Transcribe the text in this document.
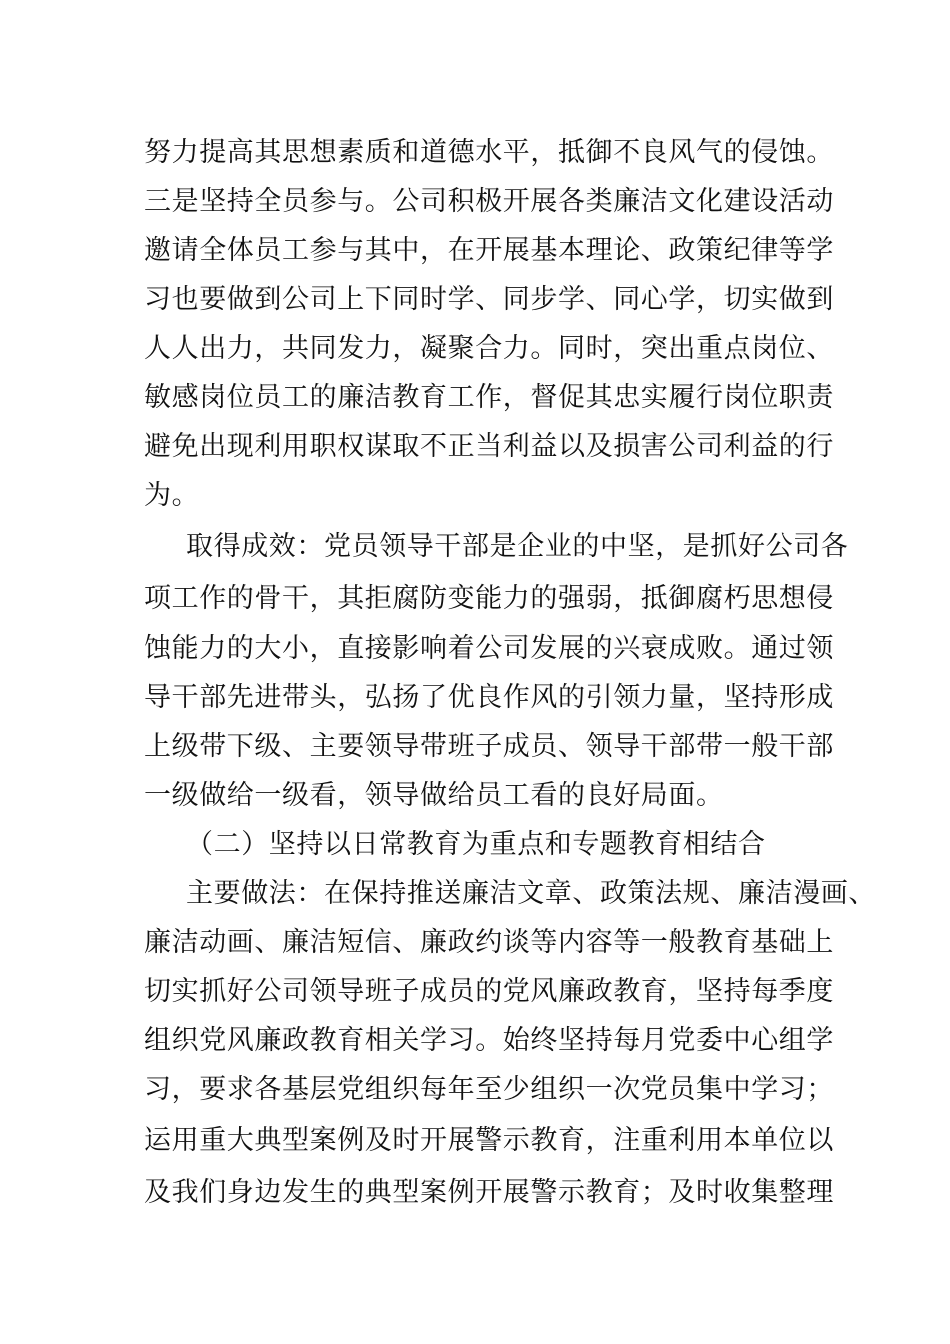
努力提高其思想素质和道德水平，抵御不良风气的侵蚀。
三是坚持全员参与。公司积极开展各类廉洁文化建设活动
邀请全体员工参与其中，在开展基本理论、政策纪律等学
习也要做到公司上下同时学、同步学、同心学，切实做到
人人出力，共同发力，凝聚合力。同时，突出重点岗位、
敏感岗位员工的廉洁教育工作，督促其忠实履行岗位职责
避免出现利用职权谋取不正当利益以及损害公司利益的行
为。
取得成效：党员领导干部是企业的中坚，是抓好公司各
项工作的骨干，其拒腐防变能力的强弱，抵御腐朽思想侵
蚀能力的大小，直接影响着公司发展的兴衰成败。通过领
导干部先进带头，弘扬了优良作风的引领力量，坚持形成
上级带下级、主要领导带班子成员、领导干部带一般干部
一级做给一级看，领导做给员工看的良好局面。
（二）坚持以日常教育为重点和专题教育相结合
主要做法：在保持推送廉洁文章、政策法规、廉洁漫画、
廉洁动画、廉洁短信、廉政约谈等内容等一般教育基础上
切实抓好公司领导班子成员的党风廉政教育，坚持每季度
组织党风廉政教育相关学习。始终坚持每月党委中心组学
习，要求各基层党组织每年至少组织一次党员集中学习；
运用重大典型案例及时开展警示教育，注重利用本单位以
及我们身边发生的典型案例开展警示教育；及时收集整理
